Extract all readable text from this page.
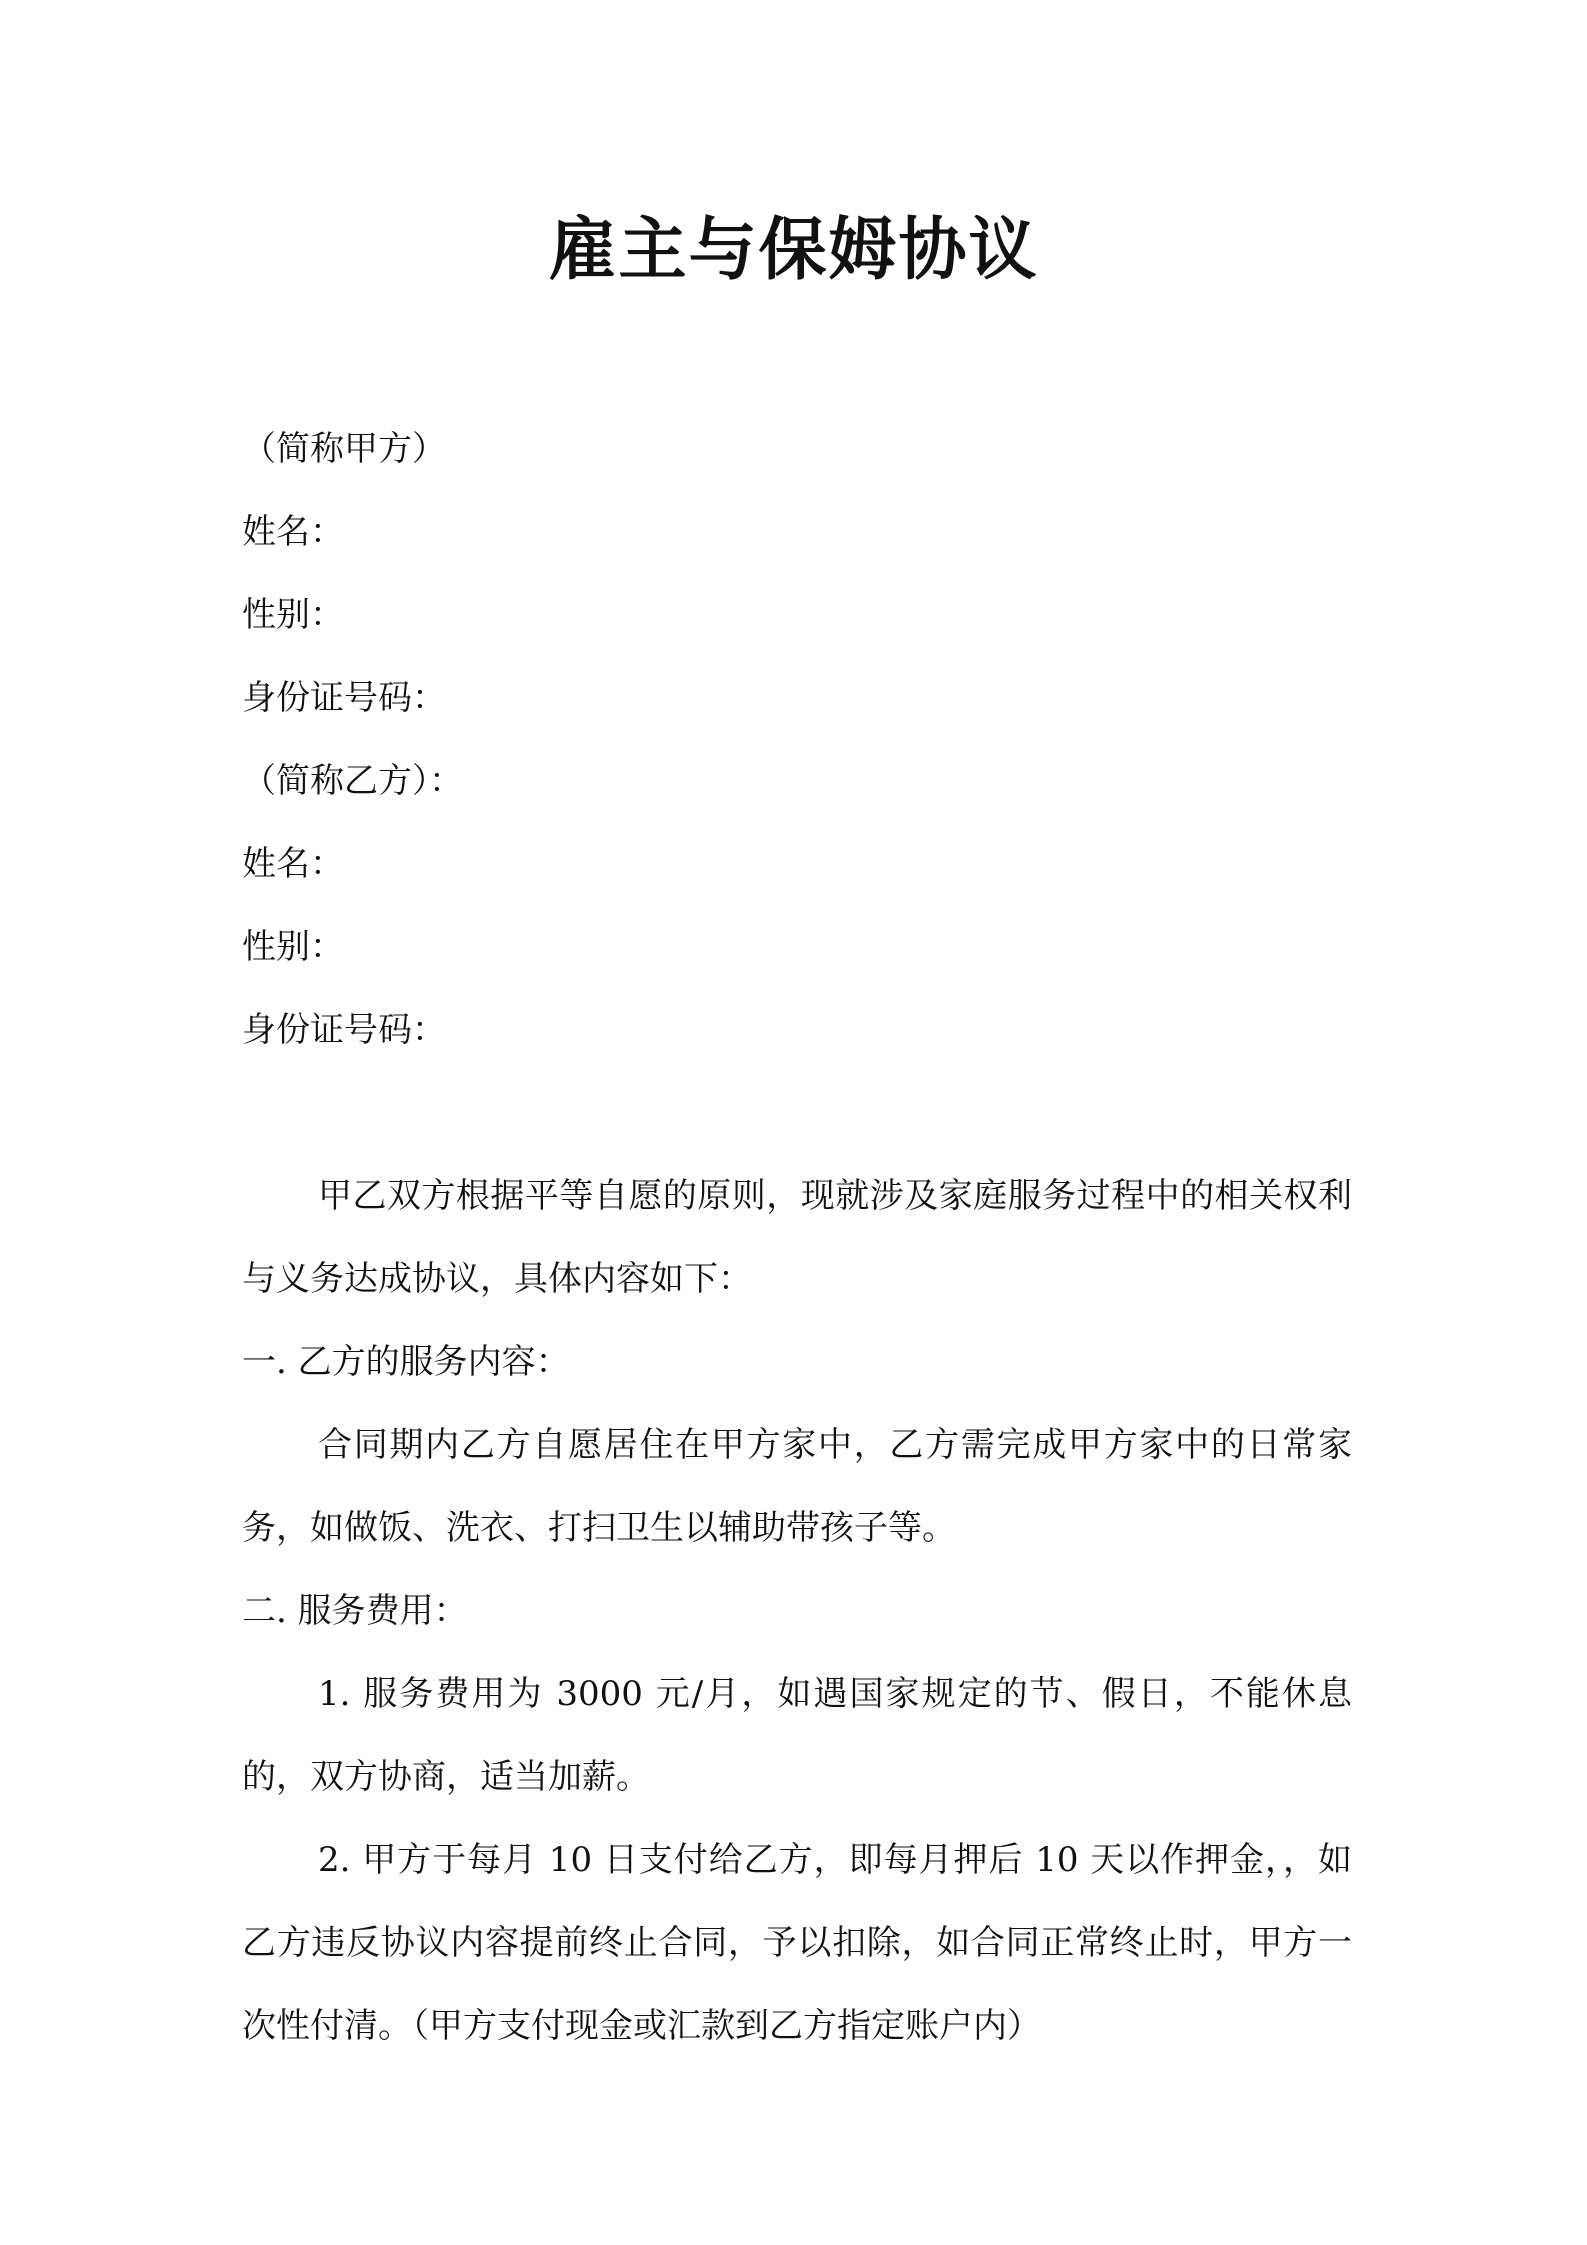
雇主与保姆协议

（简称甲方）

姓名：

性别：

身份证号码：

（简称乙方）：

姓名：

性别：

身份证号码：

甲乙双方根据平等自愿的原则，现就涉及家庭服务过程中的相关权利与义务达成协议，具体内容如下：

一. 乙方的服务内容：

合同期内乙方自愿居住在甲方家中，乙方需完成甲方家中的日常家务，如做饭、洗衣、打扫卫生以辅助带孩子等。

二. 服务费用：

1. 服务费用为 3000 元/月，如遇国家规定的节、假日，不能休息的，双方协商，适当加薪。

2. 甲方于每月 10 日支付给乙方，即每月押后 10 天以作押金，，如乙方违反协议内容提前终止合同，予以扣除，如合同正常终止时，甲方一次性付清。（甲方支付现金或汇款到乙方指定账户内）
